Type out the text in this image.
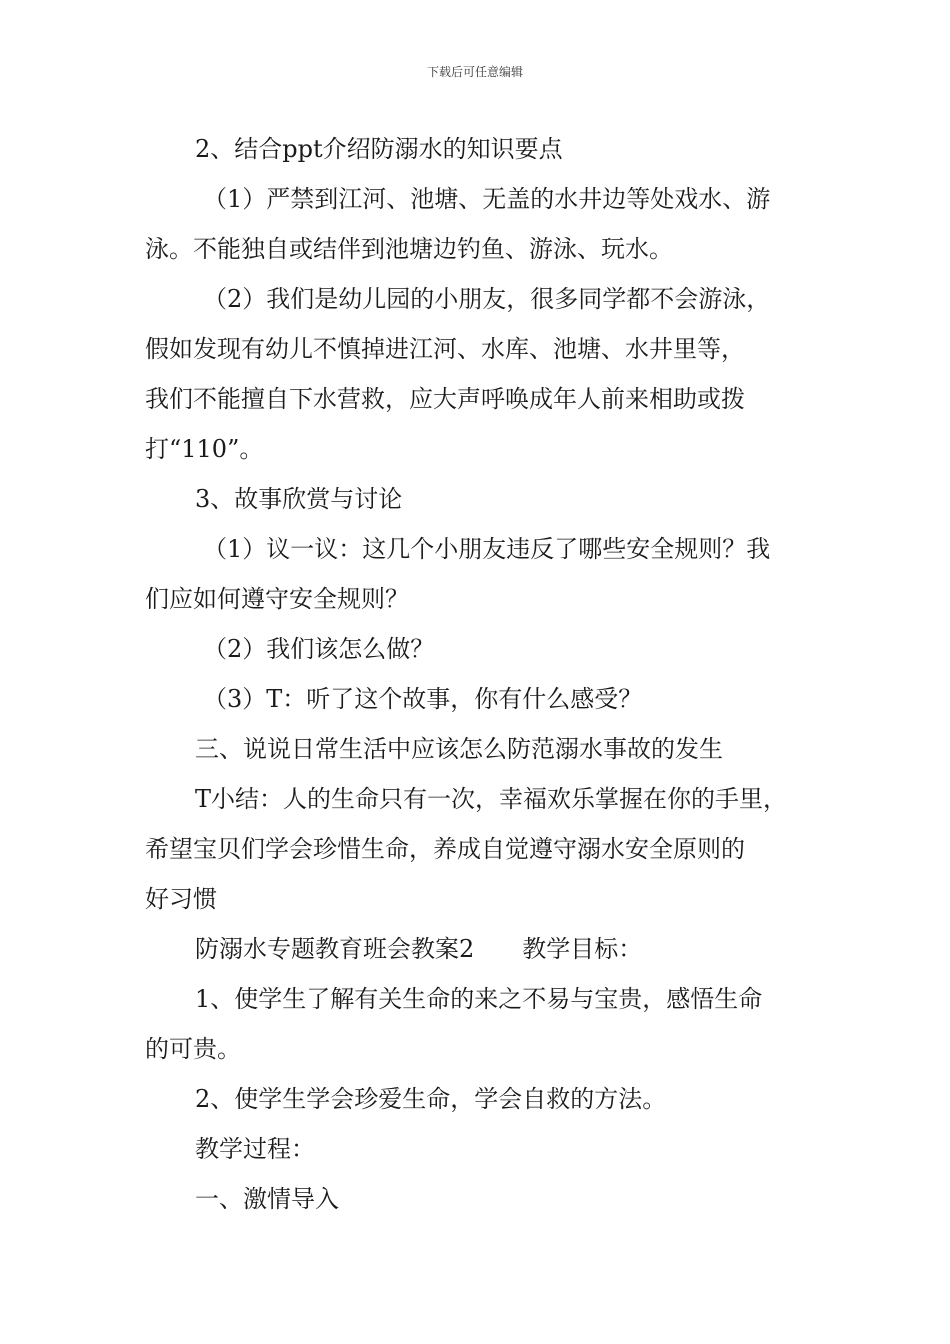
下载后可任意编辑

2、结合ppt介绍防溺水的知识要点

（1）严禁到江河、池塘、无盖的水井边等处戏水、游

泳。不能独自或结伴到池塘边钓鱼、游泳、玩水。

（2）我们是幼儿园的小朋友，很多同学都不会游泳，

假如发现有幼儿不慎掉进江河、水库、池塘、水井里等，

我们不能擅自下水营救，应大声呼唤成年人前来相助或拨

打“110”。

3、故事欣赏与讨论

（1）议一议：这几个小朋友违反了哪些安全规则？我

们应如何遵守安全规则？

（2）我们该怎么做？

（3）T：听了这个故事，你有什么感受？

三、说说日常生活中应该怎么防范溺水事故的发生

T小结：人的生命只有一次，幸福欢乐掌握在你的手里，

希望宝贝们学会珍惜生命，养成自觉遵守溺水安全原则的

好习惯

防溺水专题教育班会教案2 教学目标：

1、使学生了解有关生命的来之不易与宝贵，感悟生命

的可贵。

2、使学生学会珍爱生命，学会自救的方法。

教学过程：

一、激情导入
